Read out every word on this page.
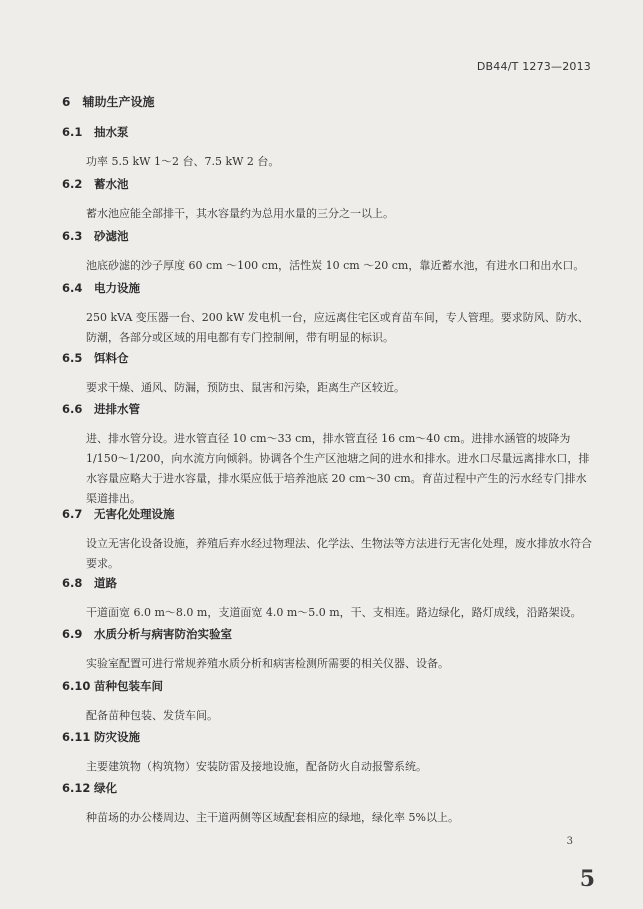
DB44/T 1273—2013
6 辅助生产设施
6.1 抽水泵

功率 5.5 kW 1～2 台、7.5 kW 2 台。

6.2 蓄水池

蓄水池应能全部排干，其水容量约为总用水量的三分之一以上。

6.3 砂滤池

池底砂滤的沙子厚度 60 cm ～100 cm，活性炭 10 cm ～20 cm，靠近蓄水池，有进水口和出水口。

6.4 电力设施

250 kVA 变压器一台、200 kW 发电机一台，应远离住宅区或育苗车间，专人管理。要求防风、防水、防潮，各部分或区域的用电都有专门控制闸，带有明显的标识。

6.5 饵料仓

要求干燥、通风、防漏，预防虫、鼠害和污染，距离生产区较近。

6.6 进排水管

进、排水管分设。进水管直径 10 cm～33 cm，排水管直径 16 cm～40 cm。进排水涵管的坡降为 1/150～1/200，向水流方向倾斜。协调各个生产区池塘之间的进水和排水。进水口尽量远离排水口，排水容量应略大于进水容量，排水渠应低于培养池底 20 cm～30 cm。育苗过程中产生的污水经专门排水渠道排出。

6.7 无害化处理设施

设立无害化设备设施，养殖后弃水经过物理法、化学法、生物法等方法进行无害化处理，废水排放水符合要求。

6.8 道路

干道面宽 6.0 m～8.0 m，支道面宽 4.0 m～5.0 m，干、支相连。路边绿化，路灯成线，沿路架设。

6.9 水质分析与病害防治实验室

实验室配置可进行常规养殖水质分析和病害检测所需要的相关仪器、设备。

6.10 苗种包装车间

配备苗种包装、发货车间。

6.11 防灾设施

主要建筑物（构筑物）安装防雷及接地设施，配备防火自动报警系统。

6.12 绿化

种苗场的办公楼周边、主干道两侧等区域配套相应的绿地，绿化率 5%以上。

3
5
